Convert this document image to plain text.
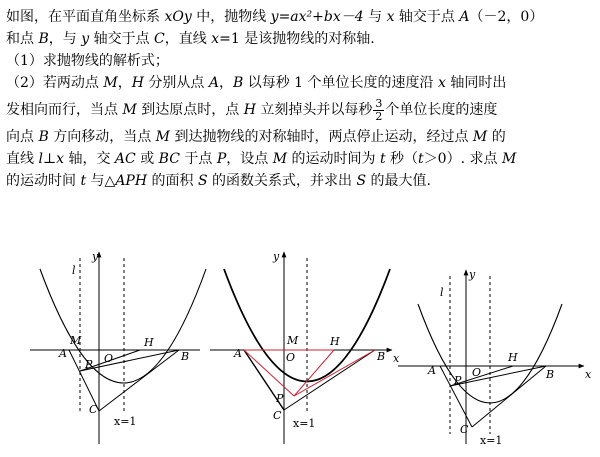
如图，在平面直角坐标系 xOy 中，抛物线 y=ax²+bx－4 与 x 轴交于点 A（－2，0）
和点 B，与 y 轴交于点 C，直线 x=1 是该抛物线的对称轴.
（1）求抛物线的解析式；
（2）若两动点 M，H 分别从点 A，B 以每秒 1 个单位长度的速度沿 x 轴同时出
发相向而行，当点 M 到达原点时，点 H 立刻掉头并以每秒 $\frac{3}{2}$ 个单位长度的速度
向点 B 方向移动，当点 M 到达抛物线的对称轴时，两点停止运动，经过点 M 的
直线 l⊥x 轴，交 AC 或 BC 于点 P，设点 M 的运动时间为 t 秒（t＞0）. 求点 M
的运动时间 t 与△APH 的面积 S 的函数关系式，并求出 S 的最大值.
l
y
M
A
P O
H
B
C
x=1
y
x
M
A	O
H
B
P
C
x=1
l
y
x
A
P
O
H
B
C
x=1
